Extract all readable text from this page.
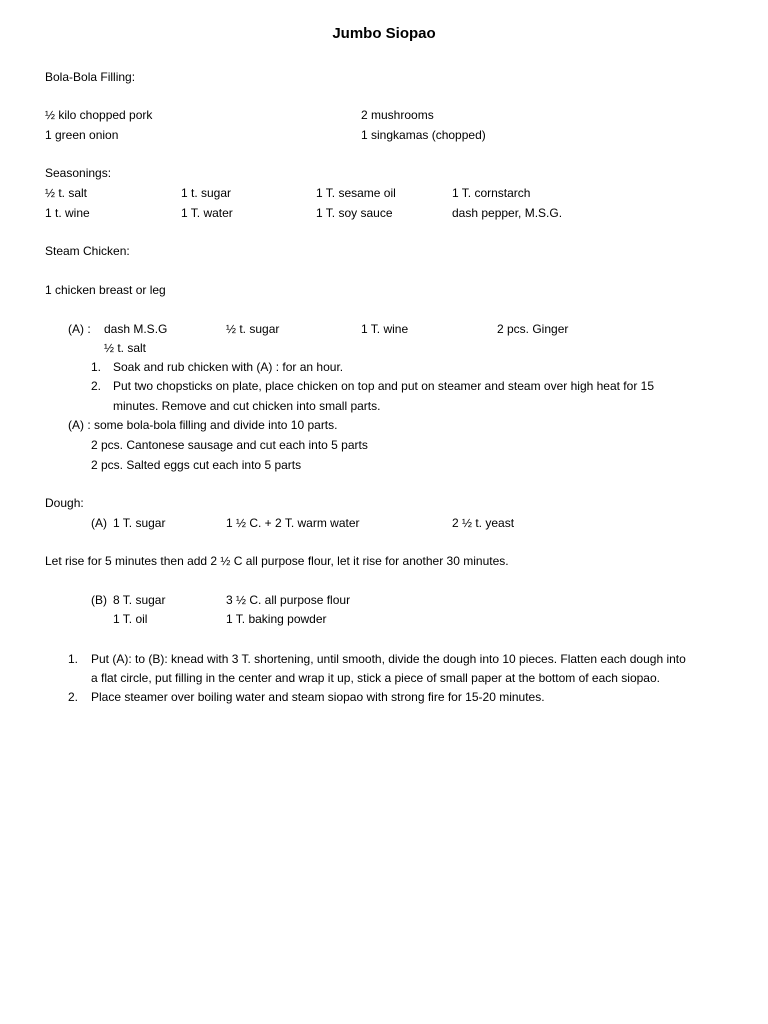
Jumbo Siopao
Bola-Bola Filling:
½ kilo chopped pork	2 mushrooms
1 green onion	1 singkamas (chopped)
Seasonings:
½ t. salt	1 t. sugar	1 T. sesame oil	1 T. cornstarch
1 t. wine	1 T. water	1 T. soy sauce	dash pepper, M.S.G.
Steam Chicken:
1 chicken breast or leg
(A) : dash M.S.G	½ t. sugar	1 T. wine	2 pcs. Ginger
½ t. salt
1. Soak and rub chicken with (A) : for an hour.
2. Put two chopsticks on plate, place chicken on top and put on steamer and steam over high heat for 15
minutes. Remove and cut chicken into small parts.
(A) : some bola-bola filling and divide into 10 parts.
2 pcs. Cantonese sausage and cut each into 5 parts
2 pcs. Salted eggs cut each into 5 parts
Dough:
(A) 1 T. sugar	1 ½ C. + 2 T. warm water	2 ½ t. yeast
Let rise for 5 minutes then add 2 ½ C all purpose flour, let it rise for another 30 minutes.
(B) 8 T. sugar	3 ½ C. all purpose flour
1 T. oil	1 T. baking powder
1. Put (A): to (B): knead with 3 T. shortening, until smooth, divide the dough into 10 pieces. Flatten each dough into
a flat circle, put filling in the center and wrap it up, stick a piece of small paper at the bottom of each siopao.
2. Place steamer over boiling water and steam siopao with strong fire for 15-20 minutes.
